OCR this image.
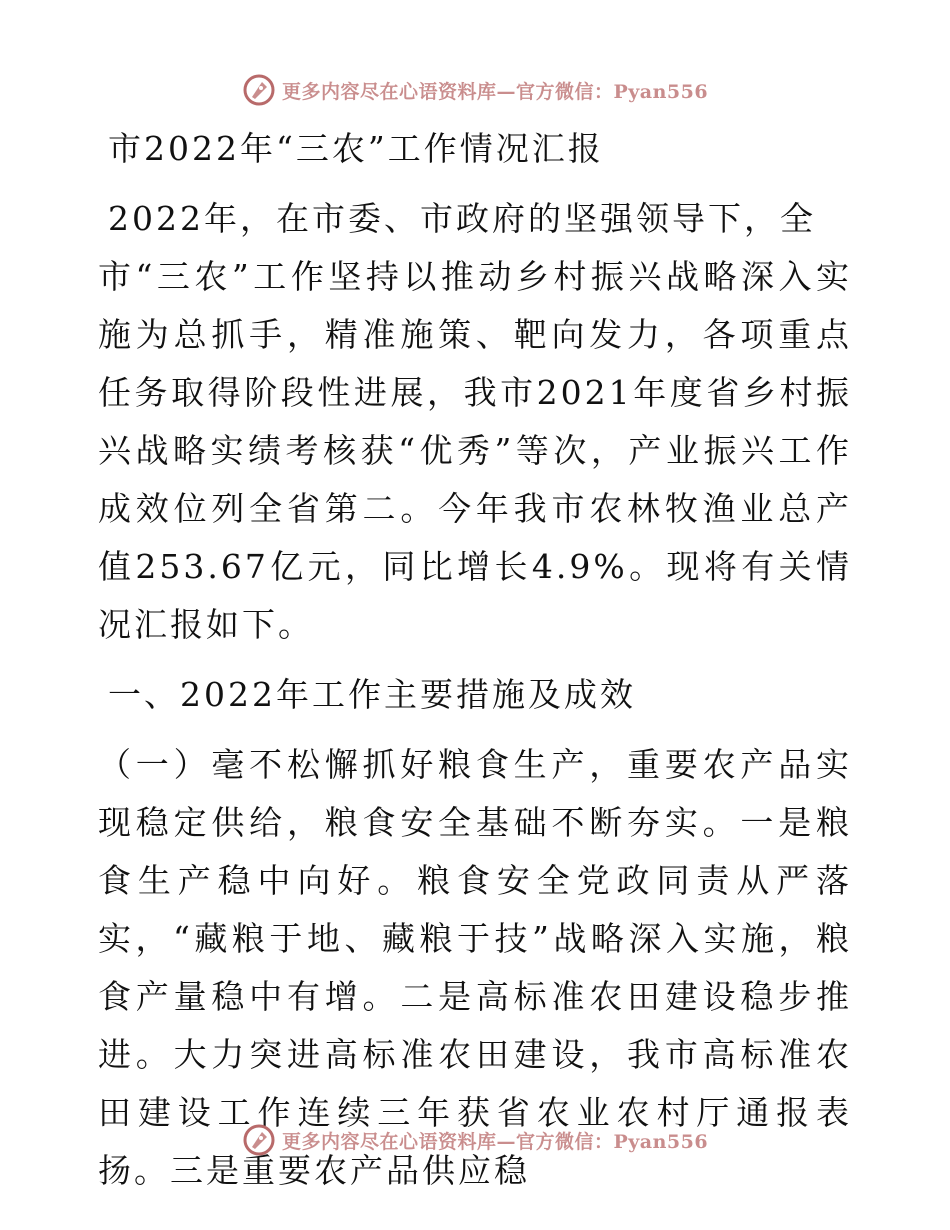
更多内容尽在心语资料库—官方微信：Pyan556

市2022年“三农”工作情况汇报

2022年，在市委、市政府的坚强领导下，全
市“三农”工作坚持以推动乡村振兴战略深入实施为总抓手，精准施策、靶向发力，各项重点任务取得阶段性进展，我市2021年度省乡村振兴战略实绩考核获“优秀”等次，产业振兴工作成效位列全省第二。今年我市农林牧渔业总产值253.67亿元，同比增长4.9%。现将有关情况汇报如下。

一、2022年工作主要措施及成效

（一）毫不松懈抓好粮食生产，重要农产品实现稳定供给，粮食安全基础不断夯实。一是粮食生产稳中向好。粮食安全党政同责从严落实，“藏粮于地、藏粮于技”战略深入实施，粮食产量稳中有增。二是高标准农田建设稳步推进。大力突进高标准农田建设，我市高标准农田建设工作连续三年获省农业农村厅通报表扬。三是重要农产品供应稳

更多内容尽在心语资料库—官方微信：Pyan556
